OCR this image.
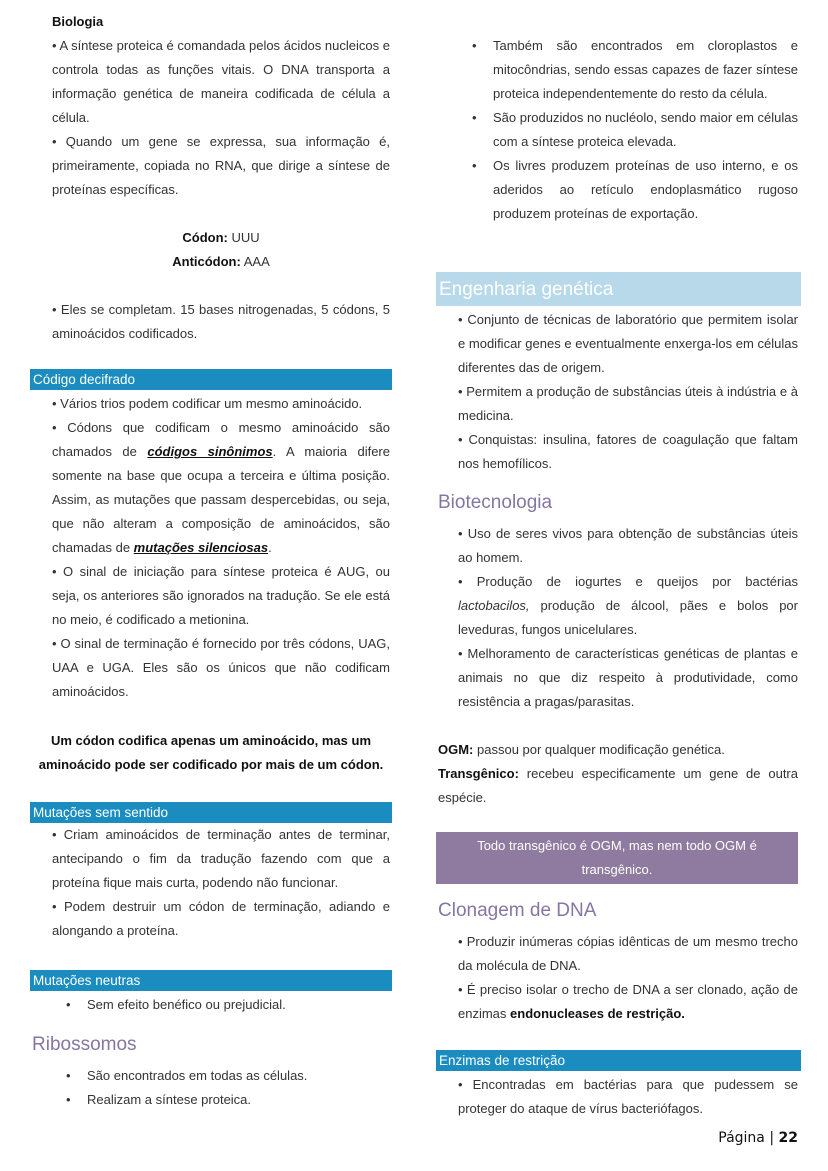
Biologia

• A síntese proteica é comandada pelos ácidos nucleicos e controla todas as funções vitais. O DNA transporta a informação genética de maneira codificada de célula a célula.

• Quando um gene se expressa, sua informação é, primeiramente, copiada no RNA, que dirige a síntese de proteínas específicas.

Códon: UUU

Anticódon: AAA

• Eles se completam. 15 bases nitrogenadas, 5 códons, 5 aminoácidos codificados.
Código decifrado

• Vários trios podem codificar um mesmo aminoácido.

• Códons que codificam o mesmo aminoácido são chamados de códigos sinônimos. A maioria difere somente na base que ocupa a terceira e última posição. Assim, as mutações que passam despercebidas, ou seja, que não alteram a composição de aminoácidos, são chamadas de mutações silenciosas.

• O sinal de iniciação para síntese proteica é AUG, ou seja, os anteriores são ignorados na tradução. Se ele está no meio, é codificado a metionina.

• O sinal de terminação é fornecido por três códons, UAG, UAA e UGA. Eles são os únicos que não codificam aminoácidos.

Um códon codifica apenas um aminoácido, mas um aminoácido pode ser codificado por mais de um códon.
Mutações sem sentido

• Criam aminoácidos de terminação antes de terminar, antecipando o fim da tradução fazendo com que a proteína fique mais curta, podendo não funcionar.

• Podem destruir um códon de terminação, adiando e alongando a proteína.

Mutações neutras
• Sem efeito benéfico ou prejudicial.
Ribossomos
• São encontrados em todas as células.
• Realizam a síntese proteica.
• Também são encontrados em cloroplastos e mitocôndrias, sendo essas capazes de fazer síntese proteica independentemente do resto da célula.
• São produzidos no nucléolo, sendo maior em células com a síntese proteica elevada.
• Os livres produzem proteínas de uso interno, e os aderidos ao retículo endoplasmático rugoso produzem proteínas de exportação.
Engenharia genética

• Conjunto de técnicas de laboratório que permitem isolar e modificar genes e eventualmente enxerga-los em células diferentes das de origem.

• Permitem a produção de substâncias úteis à indústria e à medicina.

• Conquistas: insulina, fatores de coagulação que faltam nos hemofílicos.

Biotecnologia

• Uso de seres vivos para obtenção de substâncias úteis ao homem.

• Produção de iogurtes e queijos por bactérias lactobacilos, produção de álcool, pães e bolos por leveduras, fungos unicelulares.

• Melhoramento de características genéticas de plantas e animais no que diz respeito à produtividade, como resistência a pragas/parasitas.

OGM: passou por qualquer modificação genética.

Transgênico: recebeu especificamente um gene de outra espécie.

Todo transgênico é OGM, mas nem todo OGM é transgênico.
Clonagem de DNA

• Produzir inúmeras cópias idênticas de um mesmo trecho da molécula de DNA.

• É preciso isolar o trecho de DNA a ser clonado, ação de enzimas endonucleases de restrição.

Enzimas de restrição

• Encontradas em bactérias para que pudessem se proteger do ataque de vírus bacteriófagos.

Página | 22
